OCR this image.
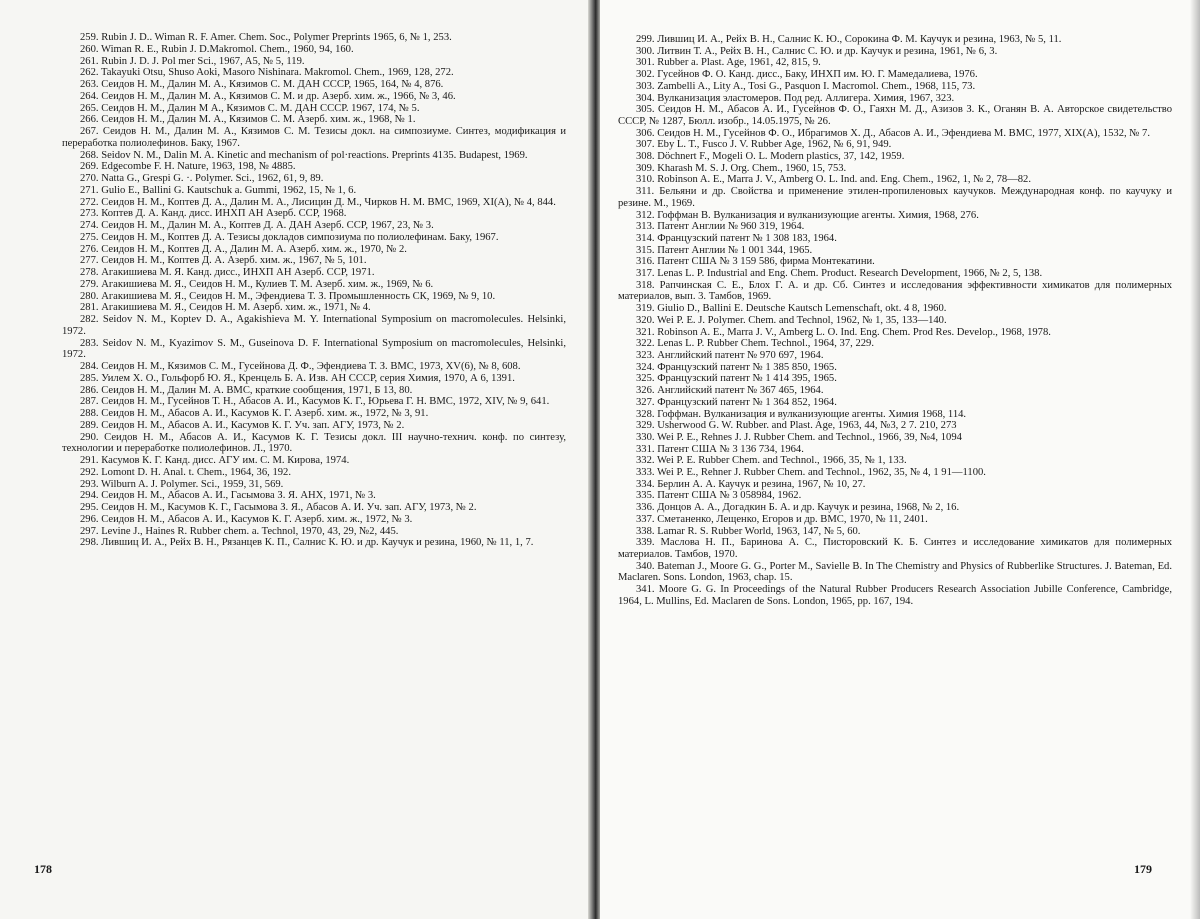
259. Rubin J. D.. Wiman R. F. Amer. Chem. Soc., Polymer Preprints 1965, 6, № 1, 253.
260. Wiman R. E., Rubin J. D.Makromol. Chem., 1960, 94, 160.
261. Rubin J. D. J. Pol mer Sci., 1967, A5, № 5, 119.
262. Takayuki Otsu, Shuso Aoki, Masoro Nishinara. Makromol. Chem., 1969, 128, 272.
263. Сеидов Н. М., Далин М. А., Кязимов С. М. ДАН СССР, 1965, 164, № 4, 876.
264. Сеидов Н. М., Далин М. А., Кязимов С. М. и др. Азерб. хим. ж., 1966, № 3, 46.
265. Сеидов Н. М., Далин М А., Кязимов С. М. ДАН СССР. 1967, 174, № 5.
266. Сеидов Н. М., Далин М. А., Кязимов С. М. Азерб. хим. ж., 1968, № 1.
267. Сеидов Н. М., Далин М. А., Кязимов С. М. Тезисы докл. на симпозиуме. Синтез, модификация и переработка полиолефинов. Баку, 1967.
268. Seidov N. M., Dalin M. A. Kinetic and mechanism of pol·reactions. Preprints 4135. Budapest, 1969.
269. Edgecombe F. H. Nature, 1963, 198, № 4885.
270. Natta G., Grespi G. ·. Polymer. Sci., 1962, 61, 9, 89.
271. Gulio E., Ballini G. Kautschuk a. Gummi, 1962, 15, № 1, 6.
272. Сеидов Н. М., Коптев Д. А., Далин М. А., Лисицин Д. М., Чирков Н. М. ВМС, 1969, XI(A), № 4, 844.
273. Коптев Д. А. Канд. дисс. ИНХП АН Азерб. ССР, 1968.
274. Сеидов Н. М., Далин М. А., Коптев Д. А. ДАН Азерб. ССР, 1967, 23, № 3.
275. Сеидов Н. М., Коптев Д. А. Тезисы докладов симпозиума по полиолефинам. Баку, 1967.
276. Сеидов Н. М., Коптев Д. А., Далин М. А. Азерб. хим. ж., 1970, № 2.
277. Сеидов Н. М., Коптев Д. А. Азерб. хим. ж., 1967, № 5, 101.
278. Агакишиева М. Я. Канд. дисс., ИНХП АН Азерб. ССР, 1971.
279. Агакишиева М. Я., Сеидов Н. М., Кулиев Т. М. Азерб. хим. ж., 1969, № 6.
280. Агакишиева М. Я., Сеидов Н. М., Эфендиева Т. З. Промышленность СК, 1969, № 9, 10.
281. Агакишиева М. Я., Сеидов Н. М. Азерб. хим. ж., 1971, № 4.
282. Seidov N. M., Koptev D. A., Agakishieva M. Y. International Symposium on macromolecules. Helsinki, 1972.
283. Seidov N. M., Kyazimov S. M., Guseinova D. F. International Symposium on macromolecules, Helsinki, 1972.
284. Сеидов Н. М., Кязимов С. М., Гусейнова Д. Ф., Эфендиева Т. З. ВМС, 1973, XV(6), № 8, 608.
285. Уилем Х. О., Гольфорб Ю. Я., Кренцель Б. А. Изв. АН СССР, серия Химия, 1970, А 6, 1391.
286. Сеидов Н. М., Далин М. А. ВМС, краткие сообщения, 1971, Б 13, 80.
287. Сеидов Н. М., Гусейнов Т. Н., Абасов А. И., Касумов К. Г., Юрьева Г. Н. ВМС, 1972, XIV, № 9, 641.
288. Сеидов Н. М., Абасов А. И., Касумов К. Г. Азерб. хим. ж., 1972, № 3, 91.
289. Сеидов Н. М., Абасов А. И., Касумов К. Г. Уч. зап. АГУ, 1973, № 2.
290. Сеидов Н. М., Абасов А. И., Касумов К. Г. Тезисы докл. III научно-технич. конф. по синтезу, технологии и переработке полиолефинов. Л., 1970.
291. Касумов К. Г. Канд. дисс. АГУ им. С. М. Кирова, 1974.
292. Lomont D. H. Anal. t. Chem., 1964, 36, 192.
293. Wilburn A. J. Polymer. Sci., 1959, 31, 569.
294. Сеидов Н. М., Абасов А. И., Гасымова З. Я. АНХ, 1971, № 3.
295. Сеидов Н. М., Касумов К. Г., Гасымова З. Я., Абасов А. И. Уч. зап. АГУ, 1973, № 2.
296. Сеидов Н. М., Абасов А. И., Касумов К. Г. Азерб. хим. ж., 1972, № 3.
297. Levine J., Haines R. Rubber chem. a. Technol, 1970, 43, 29, №2, 445.
298. Лившиц И. А., Рейх В. Н., Рязанцев К. П., Салнис К. Ю. и др. Каучук и резина, 1960, № 11, 1, 7.
178
299. Лившиц И. А., Рейх В. Н., Салнис К. Ю., Сорокина Ф. М. Каучук и резина, 1963, № 5, 11.
300. Литвин Т. А., Рейх В. Н., Салнис С. Ю. и др. Каучук и резина, 1961, № 6, 3.
301. Rubber a. Plast. Age, 1961, 42, 815, 9.
302. Гусейнов Ф. О. Канд. дисс., Баку, ИНХП им. Ю. Г. Мамедалиева, 1976.
303. Zambelli A., Lity A., Tosi G., Pasquon I. Macromol. Chem., 1968, 115, 73.
304. Вулканизация эластомеров. Под ред. Аллигера. Химия, 1967, 323.
305. Сеидов Н. М., Абасов А. И., Гусейнов Ф. О., Гаяхн М. Д., Азизов З. К., Оганян В. А. Авторское свидетельство СССР, № 1287, Бюлл. изобр., 14.05.1975, № 26.
306. Сеидов Н. М., Гусейнов Ф. О., Ибрагимов Х. Д., Абасов А. И., Эфендиева М. ВМС, 1977, XIX(A), 1532, № 7.
307. Eby L. T., Fusco J. V. Rubber Age, 1962, № 6, 91, 949.
308. Döchnert F., Mogeli O. L. Modern plastics, 37, 142, 1959.
309. Kharash M. S. J. Org. Chem., 1960, 15, 753.
310. Robinson A. E., Marra J. V., Amberg O. L. Ind. and. Eng. Chem., 1962, 1, № 2, 78—82.
311. Бельяни и др. Свойства и применение этилен-пропиленовых каучуков. Международная конф. по каучуку и резине. М., 1969.
312. Гоффман В. Вулканизация и вулканизующие агенты. Химия, 1968, 276.
313. Патент Англии № 960 319, 1964.
314. Французский патент № 1 308 183, 1964.
315. Патент Англии № 1 001 344, 1965.
316. Патент США № 3 159 586, фирма Монтекатини.
317. Lenas L. P. Industrial and Eng. Chem. Product. Research Development, 1966, № 2, 5, 138.
318. Рапчинская С. Е., Блох Г. А. и др. Сб. Синтез и исследования эффективности химикатов для полимерных материалов, вып. 3. Тамбов, 1969.
319. Giulio D., Ballini E. Deutsche Kautsch Lemenschaft, okt. 4 8, 1960.
320. Wei P. E. J. Polymer. Chem. and Technol, 1962, № 1, 35, 133—140.
321. Robinson A. E., Marra J. V., Amberg L. O. Ind. Eng. Chem. Prod Res. Develop., 1968, 1978.
322. Lenas L. P. Rubber Chem. Technol., 1964, 37, 229.
323. Английский патент № 970 697, 1964.
324. Французский патент № 1 385 850, 1965.
325. Французский патент № 1 414 395, 1965.
326. Английский патент № 367 465, 1964.
327. Французский патент № 1 364 852, 1964.
328. Гоффман. Вулканизация и вулканизующие агенты. Химия 1968, 114.
329. Usherwood G. W. Rubber. and Plast. Age, 1963, 44, №3, 2 7. 210, 273
330. Wei P. E., Rehnes J. J. Rubber Chem. and Technol., 1966, 39, №4, 1094
331. Патент США № 3 136 734, 1964.
332. Wei P. E. Rubber Chem. and Technol., 1966, 35, № 1, 133.
333. Wei P. E., Rehner J. Rubber Chem. and Technol., 1962, 35, № 4, 1 91—1100.
334. Берлин А. А. Каучук и резина, 1967, № 10, 27.
335. Патент США № 3 058984, 1962.
336. Донцов А. А., Догадкин Б. А. и др. Каучук и резина, 1968, № 2, 16.
337. Сметаненко, Лещенко, Егоров и др. ВМС, 1970, № 11, 2401.
338. Lamar R. S. Rubber World, 1963, 147, № 5, 60.
339. Маслова Н. П., Баринова А. С., Писторовский К. Б. Синтез и исследование химикатов для полимерных материалов. Тамбов, 1970.
340. Bateman J., Moore G. G., Porter M., Savielle B. In The Chemistry and Physics of Rubberlike Structures. J. Bateman, Ed. Maclaren. Sons. London, 1963, chap. 15.
341. Moore G. G. In Proceedings of the Natural Rubber Producers Research Association Jubille Conference, Cambridge, 1964, L. Mullins, Ed. Maclaren de Sons. London, 1965, pp. 167, 194.
179
